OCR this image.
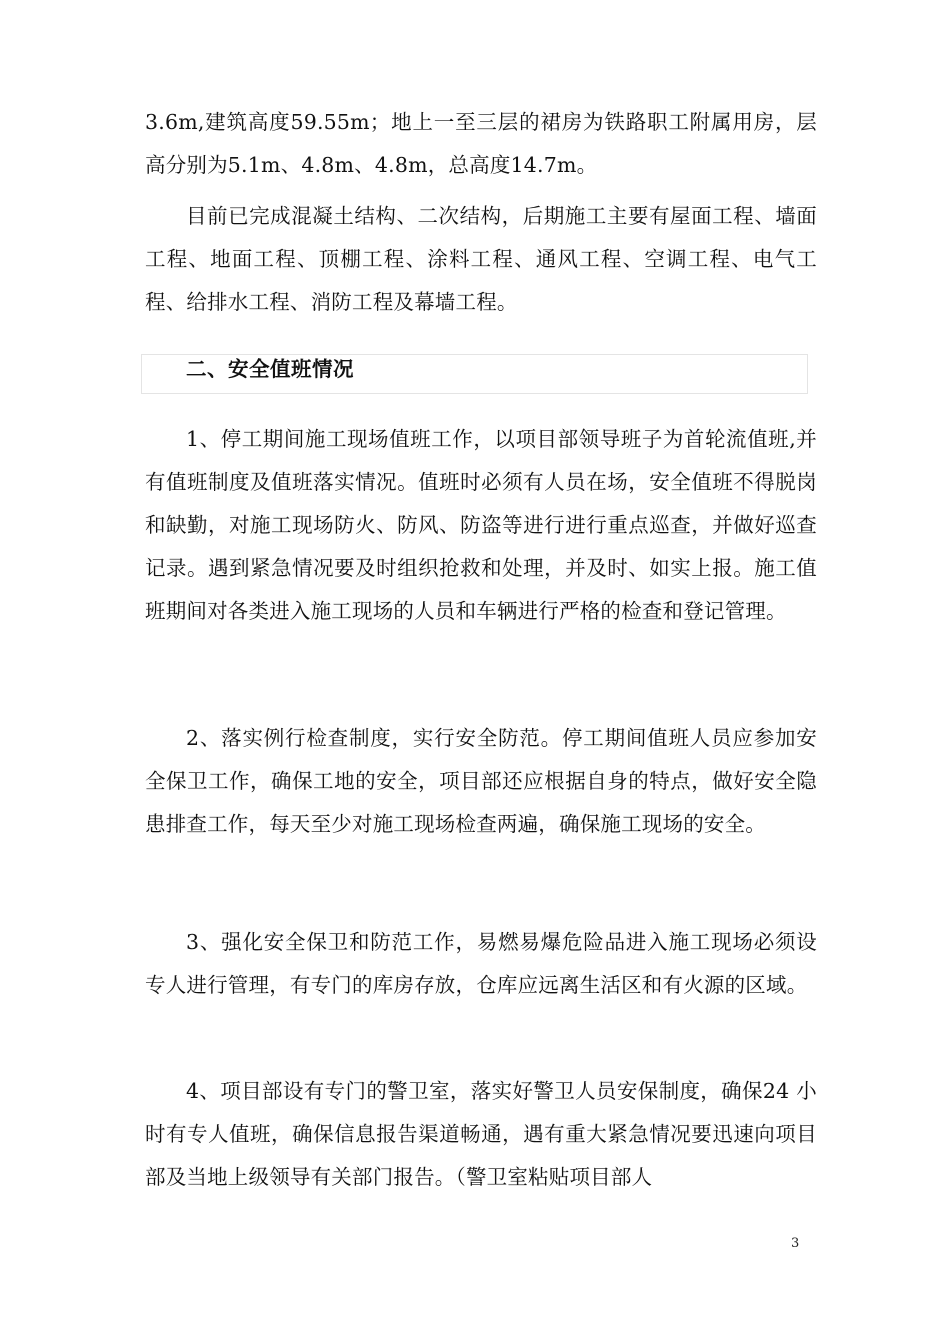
3.6m,建筑高度59.55m；地上一至三层的裙房为铁路职工附属用房，层高分别为5.1m、4.8m、4.8m，总高度14.7m。

目前已完成混凝土结构、二次结构，后期施工主要有屋面工程、墙面工程、地面工程、顶棚工程、涂料工程、通风工程、空调工程、电气工程、给排水工程、消防工程及幕墙工程。

二、安全值班情况

1、停工期间施工现场值班工作，以项目部领导班子为首轮流值班,并有值班制度及值班落实情况。值班时必须有人员在场，安全值班不得脱岗和缺勤，对施工现场防火、防风、防盗等进行进行重点巡查，并做好巡查记录。遇到紧急情况要及时组织抢救和处理，并及时、如实上报。施工值班期间对各类进入施工现场的人员和车辆进行严格的检查和登记管理。

2、落实例行检查制度，实行安全防范。停工期间值班人员应参加安全保卫工作，确保工地的安全，项目部还应根据自身的特点，做好安全隐患排查工作，每天至少对施工现场检查两遍，确保施工现场的安全。

3、强化安全保卫和防范工作，易燃易爆危险品进入施工现场必须设专人进行管理，有专门的库房存放，仓库应远离生活区和有火源的区域。

4、项目部设有专门的警卫室，落实好警卫人员安保制度，确保24 小时有专人值班，确保信息报告渠道畅通，遇有重大紧急情况要迅速向项目部及当地上级领导有关部门报告。（警卫室粘贴项目部人

3
